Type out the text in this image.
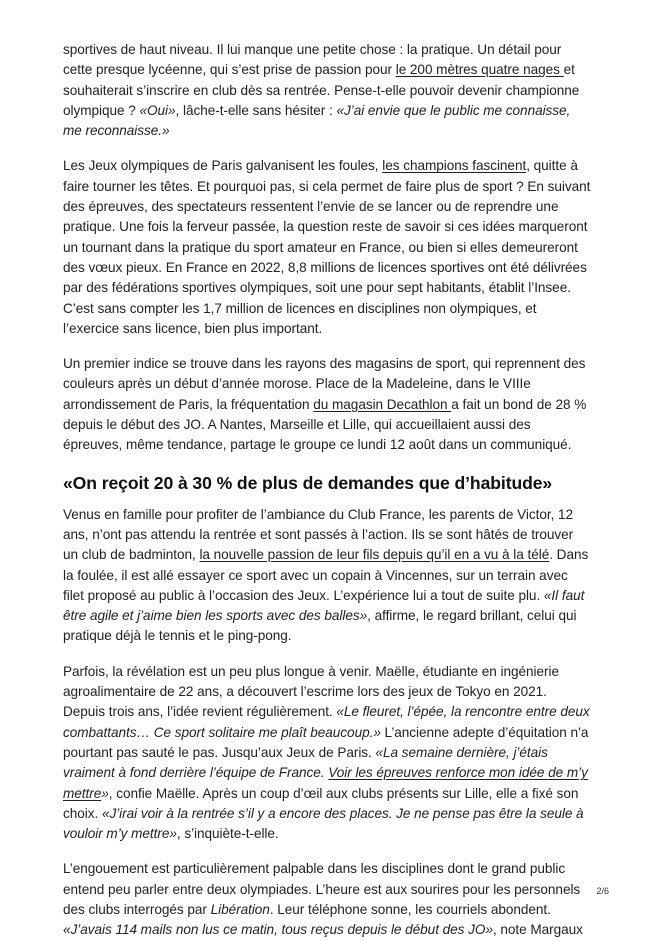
sportives de haut niveau. Il lui manque une petite chose : la pratique. Un détail pour cette presque lycéenne, qui s’est prise de passion pour le 200 mètres quatre nages et souhaiterait s’inscrire en club dès sa rentrée. Pense-t-elle pouvoir devenir championne olympique ? «Oui», lâche-t-elle sans hésiter : «J’ai envie que le public me connaisse, me reconnaisse.»

Les Jeux olympiques de Paris galvanisent les foules, les champions fascinent, quitte à faire tourner les têtes. Et pourquoi pas, si cela permet de faire plus de sport ? En suivant des épreuves, des spectateurs ressentent l’envie de se lancer ou de reprendre une pratique. Une fois la ferveur passée, la question reste de savoir si ces idées marqueront un tournant dans la pratique du sport amateur en France, ou bien si elles demeureront des vœux pieux. En France en 2022, 8,8 millions de licences sportives ont été délivrées par des fédérations sportives olympiques, soit une pour sept habitants, établit l’Insee. C’est sans compter les 1,7 million de licences en disciplines non olympiques, et l’exercice sans licence, bien plus important.

Un premier indice se trouve dans les rayons des magasins de sport, qui reprennent des couleurs après un début d’année morose. Place de la Madeleine, dans le VIIIe arrondissement de Paris, la fréquentation du magasin Decathlon a fait un bond de 28 % depuis le début des JO. A Nantes, Marseille et Lille, qui accueillaient aussi des épreuves, même tendance, partage le groupe ce lundi 12 août dans un communiqué.

«On reçoit 20 à 30 % de plus de demandes que d’habitude»

Venus en famille pour profiter de l’ambiance du Club France, les parents de Victor, 12 ans, n’ont pas attendu la rentrée et sont passés à l’action. Ils se sont hâtés de trouver un club de badminton, la nouvelle passion de leur fils depuis qu’il en a vu à la télé. Dans la foulée, il est allé essayer ce sport avec un copain à Vincennes, sur un terrain avec filet proposé au public à l’occasion des Jeux. L’expérience lui a tout de suite plu. «Il faut être agile et j’aime bien les sports avec des balles», affirme, le regard brillant, celui qui pratique déjà le tennis et le ping-pong.

Parfois, la révélation est un peu plus longue à venir. Maëlle, étudiante en ingénierie agroalimentaire de 22 ans, a découvert l’escrime lors des jeux de Tokyo en 2021. Depuis trois ans, l’idée revient régulièrement. «Le fleuret, l’épée, la rencontre entre deux combattants… Ce sport solitaire me plaît beaucoup.» L’ancienne adepte d’équitation n’a pourtant pas sauté le pas. Jusqu’aux Jeux de Paris. «La semaine dernière, j’étais vraiment à fond derrière l’équipe de France. Voir les épreuves renforce mon idée de m’y mettre», confie Maëlle. Après un coup d’œil aux clubs présents sur Lille, elle a fixé son choix. «J’irai voir à la rentrée s’il y a encore des places. Je ne pense pas être la seule à vouloir m’y mettre», s’inquiète-t-elle.

L’engouement est particulièrement palpable dans les disciplines dont le grand public entend peu parler entre deux olympiades. L’heure est aux sourires pour les personnels des clubs interrogés par Libération. Leur téléphone sonne, les courriels abondent. «J’avais 114 mails non lus ce matin, tous reçus depuis le début des JO», note Margaux

2/6
